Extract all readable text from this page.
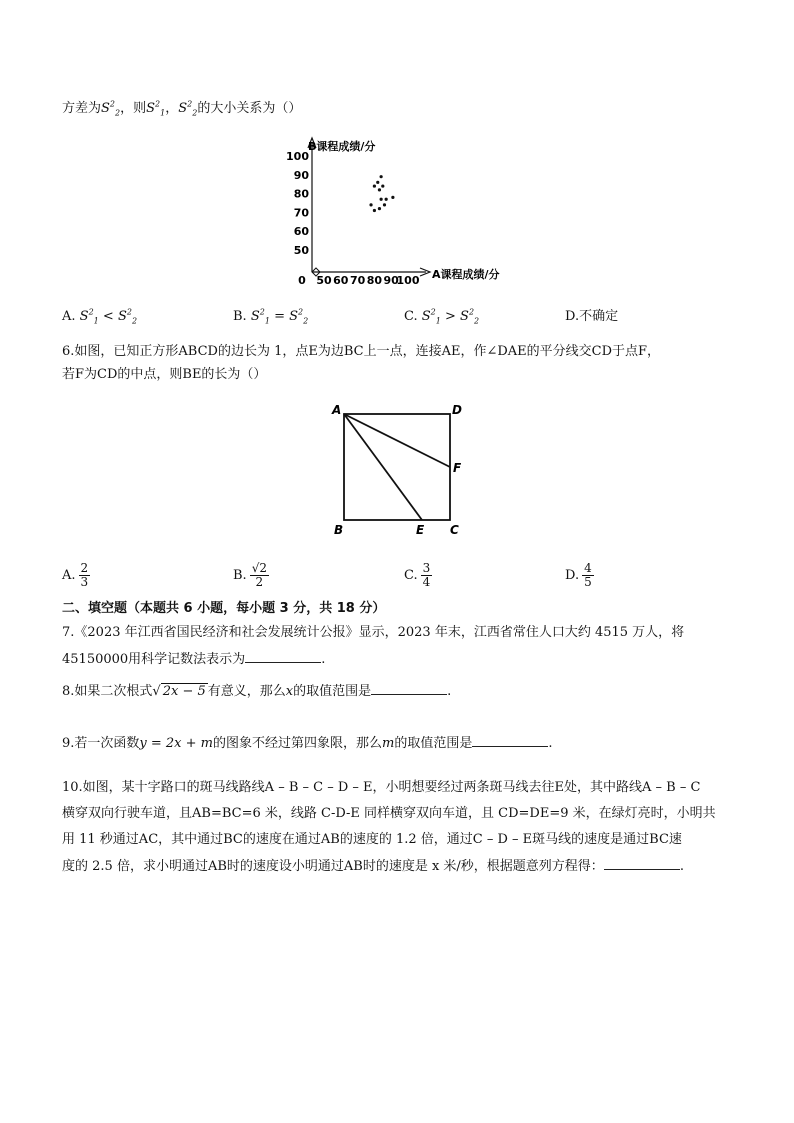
方差为$S^2_2$，则$S^2_1$，$S^2_2$的大小关系为（）
B课程成绩/分
A课程成绩/分
50
60
70
80
90
100
0 50 60 70 80 90
100
A. $S^2_1 < S^2_2$	B. $S^2_1 = S^2_2$	C. $S^2_1 > S^2_2$	D.不确定
6.如图，已知正方形ABCD的边长为 1，点E为边BC上一点，连接AE，作∠DAE的平分线交CD于点F，
若F为CD的中点，则BE的长为（）
A	D
F
B	E C
A. $\frac{2}{3}$	B. $\frac{√2}{2}$	C. $\frac{3}{4}$	D. $\frac{4}{5}$
二、填空题（本题共 6 小题，每小题 3 分，共 18 分）
7.《2023 年江西省国民经济和社会发展统计公报》显示，2023 年末，江西省常住人口大约 4515 万人，将
45150000用科学记数法表示为	.
8.如果二次根式√ 2x − 5 有意义，那么x的取值范围是	.
9.若一次函数y = 2x + m的图象不经过第四象限，那么m的取值范围是	.
10.如图，某十字路口的斑马线路线A – B – C – D – E，小明想要经过两条斑马线去往E处，其中路线A – B – C
横穿双向行驶车道，且AB=BC=6 米，线路 C-D-E 同样横穿双向车道，且 CD=DE=9 米，在绿灯亮时，小明共
用 11 秒通过AC，其中通过BC的速度在通过AB的速度的 1.2 倍，通过C – D – E斑马线的速度是通过BC速
度的 2.5 倍，求小明通过AB时的速度设小明通过AB时的速度是 x 米/秒，根据题意列方程得：	.
